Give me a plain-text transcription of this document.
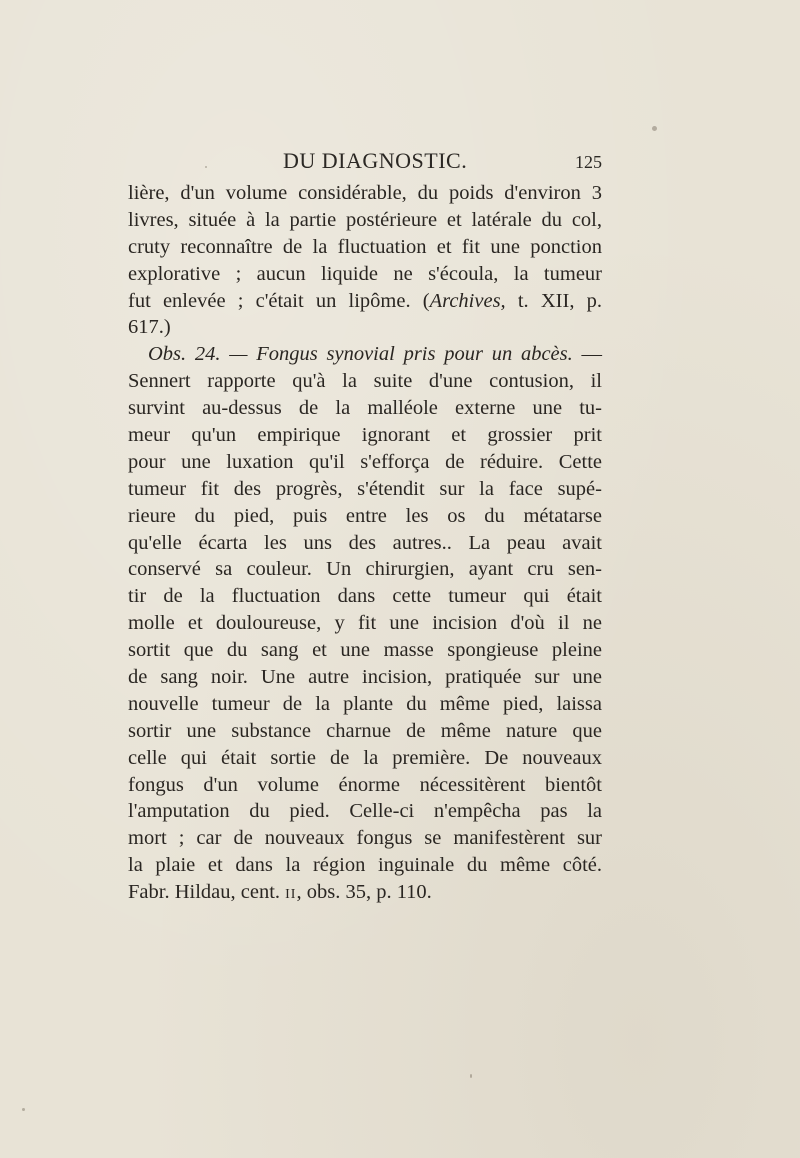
DU DIAGNOSTIC.	125
lière, d'un volume considérable, du poids d'environ 3
livres, située à la partie postérieure et latérale du col,
cruty reconnaître de la fluctuation et fit une ponction
explorative ; aucun liquide ne s'écoula, la tumeur
fut enlevée ; c'était un lipôme. (Archives, t. XII, p.
617.)
Obs. 24. — Fongus synovial pris pour un abcès. —
Sennert rapporte qu'à la suite d'une contusion, il
survint au-dessus de la malléole externe une tu-
meur qu'un empirique ignorant et grossier prit
pour une luxation qu'il s'efforça de réduire. Cette
tumeur fit des progrès, s'étendit sur la face supé-
rieure du pied, puis entre les os du métatarse
qu'elle écarta les uns des autres.. La peau avait
conservé sa couleur. Un chirurgien, ayant cru sen-
tir de la fluctuation dans cette tumeur qui était
molle et douloureuse, y fit une incision d'où il ne
sortit que du sang et une masse spongieuse pleine
de sang noir. Une autre incision, pratiquée sur une
nouvelle tumeur de la plante du même pied, laissa
sortir une substance charnue de même nature que
celle qui était sortie de la première. De nouveaux
fongus d'un volume énorme nécessitèrent bientôt
l'amputation du pied. Celle-ci n'empêcha pas la
mort ; car de nouveaux fongus se manifestèrent sur
la plaie et dans la région inguinale du même côté.
Fabr. Hildau, cent. II, obs. 35, p. 110.
